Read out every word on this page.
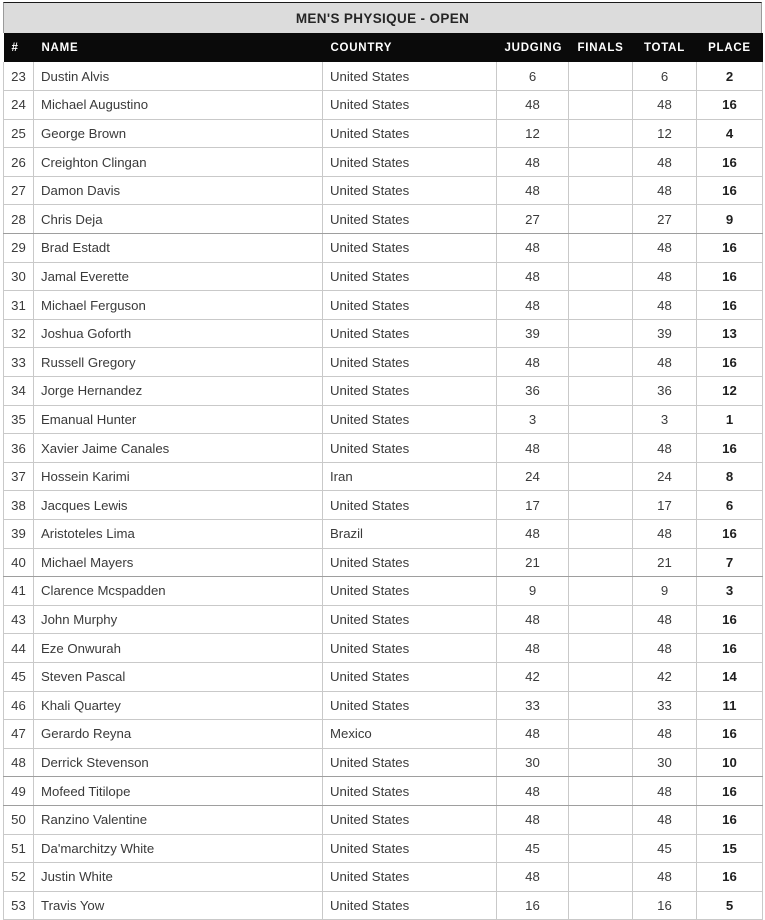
MEN'S PHYSIQUE - OPEN
#	NAME	COUNTRY	JUDGING	FINALS	TOTAL	PLACE
23	Dustin Alvis	United States	6		6	2
24	Michael Augustino	United States	48		48	16
25	George Brown	United States	12		12	4
26	Creighton Clingan	United States	48		48	16
27	Damon Davis	United States	48		48	16
28	Chris Deja	United States	27		27	9
29	Brad Estadt	United States	48		48	16
30	Jamal Everette	United States	48		48	16
31	Michael Ferguson	United States	48		48	16
32	Joshua Goforth	United States	39		39	13
33	Russell Gregory	United States	48		48	16
34	Jorge Hernandez	United States	36		36	12
35	Emanual Hunter	United States	3		3	1
36	Xavier Jaime Canales	United States	48		48	16
37	Hossein Karimi	Iran	24		24	8
38	Jacques Lewis	United States	17		17	6
39	Aristoteles Lima	Brazil	48		48	16
40	Michael Mayers	United States	21		21	7
41	Clarence Mcspadden	United States	9		9	3
43	John Murphy	United States	48		48	16
44	Eze Onwurah	United States	48		48	16
45	Steven Pascal	United States	42		42	14
46	Khali Quartey	United States	33		33	11
47	Gerardo Reyna	Mexico	48		48	16
48	Derrick Stevenson	United States	30		30	10
49	Mofeed Titilope	United States	48		48	16
50	Ranzino Valentine	United States	48		48	16
51	Da'marchitzy White	United States	45		45	15
52	Justin White	United States	48		48	16
53	Travis Yow	United States	16		16	5
